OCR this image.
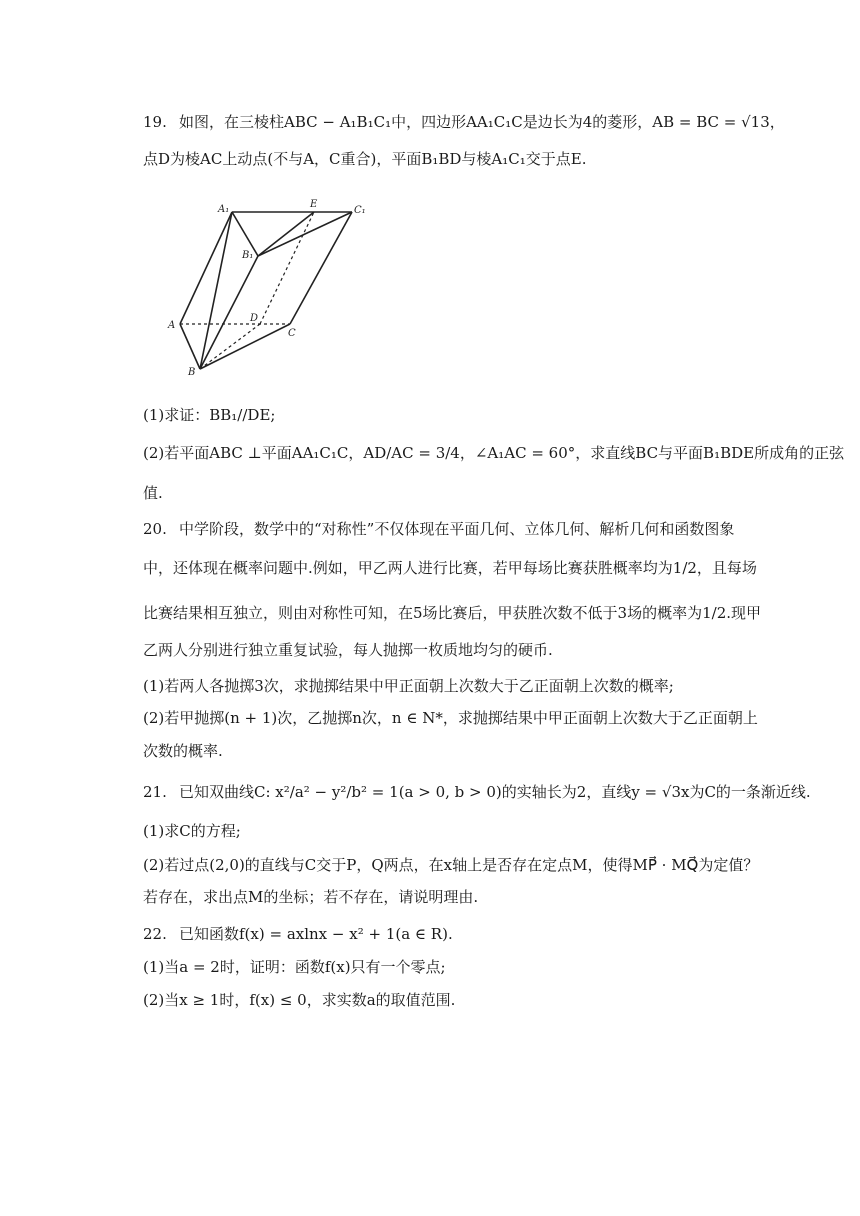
19. 如图，在三棱柱ABC − A₁B₁C₁中，四边形AA₁C₁C是边长为4的菱形，AB = BC = √13，
点D为棱AC上动点(不与A，C重合)，平面B₁BD与棱A₁C₁交于点E.
A₁	E
C₁
B₁
A
D
C
B
(1)求证：BB₁//DE;
(2)若平面ABC ⊥平面AA₁C₁C，AD/AC = 3/4，∠A₁AC = 60°，求直线BC与平面B₁BDE所成角的正弦
值.
20. 中学阶段，数学中的“对称性”不仅体现在平面几何、立体几何、解析几何和函数图象
中，还体现在概率问题中.例如，甲乙两人进行比赛，若甲每场比赛获胜概率均为1/2，且每场
比赛结果相互独立，则由对称性可知，在5场比赛后，甲获胜次数不低于3场的概率为1/2.现甲
乙两人分别进行独立重复试验，每人抛掷一枚质地均匀的硬币.
(1)若两人各抛掷3次，求抛掷结果中甲正面朝上次数大于乙正面朝上次数的概率;
(2)若甲抛掷(n + 1)次，乙抛掷n次，n ∈ N*，求抛掷结果中甲正面朝上次数大于乙正面朝上
次数的概率.
21. 已知双曲线C: x²/a² − y²/b² = 1(a > 0, b > 0)的实轴长为2，直线y = √3x为C的一条渐近线.
(1)求C的方程;
(2)若过点(2,0)的直线与C交于P，Q两点，在x轴上是否存在定点M，使得MP⃗ · MQ⃗为定值？
若存在，求出点M的坐标；若不存在，请说明理由.
22. 已知函数f(x) = axlnx − x² + 1(a ∈ R).
(1)当a = 2时，证明：函数f(x)只有一个零点;
(2)当x ≥ 1时，f(x) ≤ 0，求实数a的取值范围.
